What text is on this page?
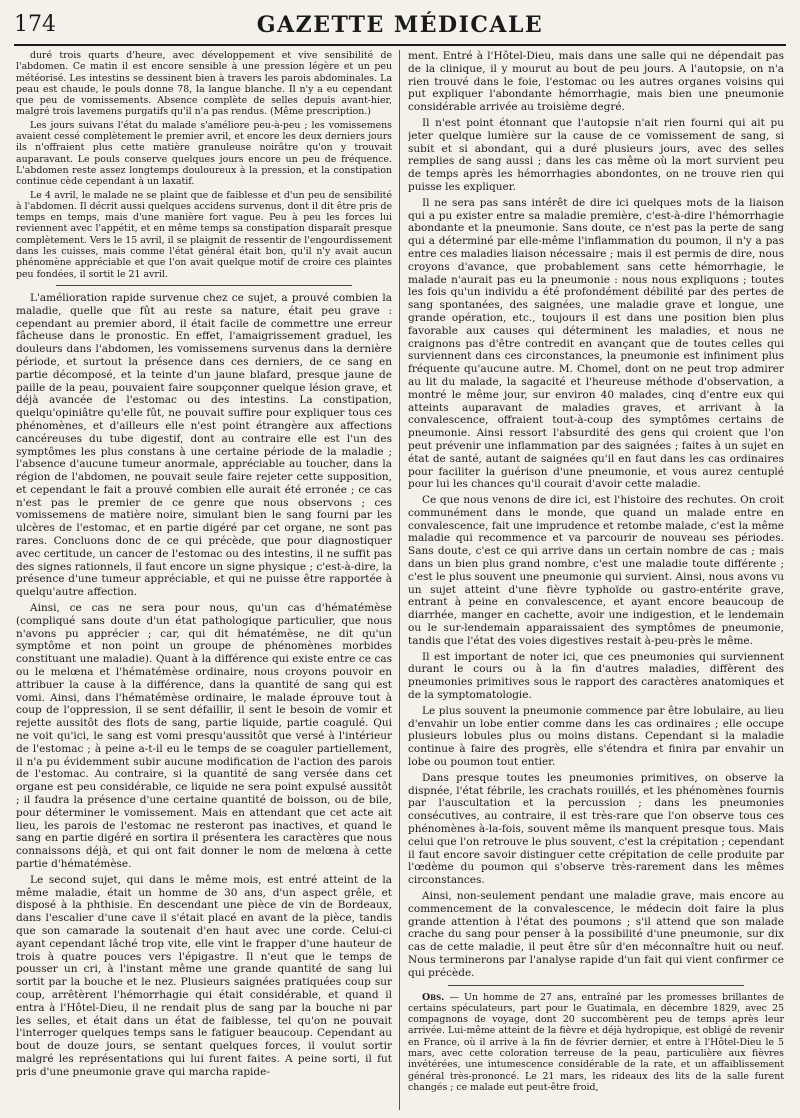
174	GAZETTE MÉDICALE

duré trois quarts d'heure, avec développement et vive sensibilité de l'abdomen. Ce matin il est encore sensible à une pression légère et un peu météorisé. Les intestins se dessinent bien à travers les parois abdominales. La peau est chaude, le pouls donne 78, la langue blanche. Il n'y a eu cependant que peu de vomissements. Absence complète de selles depuis avant-hier, malgré trois lavemens purgatifs qu'il n'a pas rendus. (Même prescription.)

Les jours suivans l'état du malade s'améliore peu-à-peu ; les vomissemens avaient cessé complètement le premier avril, et encore les deux derniers jours ils n'offraient plus cette matière granuleuse noirâtre qu'on y trouvait auparavant. Le pouls conserve quelques jours encore un peu de fréquence. L'abdomen reste assez longtemps douloureux à la pression, et la constipation continue cède cependant à un laxatif.

Le 4 avril, le malade ne se plaint que de faiblesse et d'un peu de sensibilité à l'abdomen. Il décrit aussi quelques accidens survenus, dont il dit être pris de temps en temps, mais d'une manière fort vague. Peu à peu les forces lui reviennent avec l'appétit, et en même temps sa constipation disparaît presque complètement. Vers le 15 avril, il se plaignit de ressentir de l'engourdissement dans les cuisses, mais comme l'état général était bon, qu'il n'y avait aucun phénomène appréciable et que l'on avait quelque motif de croire ces plaintes peu fondées, il sortit le 21 avril.

L'amélioration rapide survenue chez ce sujet, a prouvé combien la maladie, quelle que fût au reste sa nature, était peu grave : cependant au premier abord, il était facile de commettre une erreur fâcheuse dans le pronostic. En effet, l'amaigrissement graduel, les douleurs dans l'abdomen, les vomissemens survenus dans la dernière période, et surtout la présence dans ces derniers, de ce sang en partie décomposé, et la teinte d'un jaune blafard, presque jaune de paille de la peau, pouvaient faire soupçonner quelque lésion grave, et déjà avancée de l'estomac ou des intestins. La constipation, quelqu'opiniâtre qu'elle fût, ne pouvait suffire pour expliquer tous ces phénomènes, et d'ailleurs elle n'est point étrangère aux affections cancéreuses du tube digestif, dont au contraire elle est l'un des symptômes les plus constans à une certaine période de la maladie ; l'absence d'aucune tumeur anormale, appréciable au toucher, dans la région de l'abdomen, ne pouvait seule faire rejeter cette supposition, et cependant le fait a prouvé combien elle aurait été erronée ; ce cas n'est pas le premier de ce genre que nous observons ; ces vomissemens de matière noire, simulant bien le sang fourni par les ulcères de l'estomac, et en partie digéré par cet organe, ne sont pas rares. Concluons donc de ce qui précède, que pour diagnostiquer avec certitude, un cancer de l'estomac ou des intestins, il ne suffit pas des signes rationnels, il faut encore un signe physique ; c'est-à-dire, la présence d'une tumeur appréciable, et qui ne puisse être rapportée à quelqu'autre affection.

Ainsi, ce cas ne sera pour nous, qu'un cas d'hématémèse (compliqué sans doute d'un état pathologique particulier, que nous n'avons pu apprécier ; car, qui dit hématémèse, ne dit qu'un symptôme et non point un groupe de phénomènes morbides constituant une maladie). Quant à la différence qui existe entre ce cas ou le melœna et l'hématémèse ordinaire, nous croyons pouvoir en attribuer la cause à la différence, dans la quantité de sang qui est vomi. Ainsi, dans l'hématémèse ordinaire, le malade éprouve tout à coup de l'oppression, il se sent défaillir, il sent le besoin de vomir et rejette aussitôt des flots de sang, partie liquide, partie coagulé. Qui ne voit qu'ici, le sang est vomi presqu'aussitôt que versé à l'intérieur de l'estomac ; à peine a-t-il eu le temps de se coaguler partiellement, il n'a pu évidemment subir aucune modification de l'action des parois de l'estomac. Au contraire, si la quantité de sang versée dans cet organe est peu considérable, ce liquide ne sera point expulsé aussitôt ; il faudra la présence d'une certaine quantité de boisson, ou de bile, pour déterminer le vomissement. Mais en attendant que cet acte ait lieu, les parois de l'estomac ne resteront pas inactives, et quand le sang en partie digéré en sortira il présentera les caractères que nous connaissons déjà, et qui ont fait donner le nom de melœna à cette partie d'hématémèse.

Le second sujet, qui dans le même mois, est entré atteint de la même maladie, était un homme de 30 ans, d'un aspect grêle, et disposé à la phthisie. En descendant une pièce de vin de Bordeaux, dans l'escalier d'une cave il s'était placé en avant de la pièce, tandis que son camarade la soutenait d'en haut avec une corde. Celui-ci ayant cependant lâché trop vite, elle vint le frapper d'une hauteur de trois à quatre pouces vers l'épigastre. Il n'eut que le temps de pousser un cri, à l'instant même une grande quantité de sang lui sortit par la bouche et le nez. Plusieurs saignées pratiquées coup sur coup, arrêtèrent l'hémorrhagie qui était considérable, et quand il entra à l'Hôtel-Dieu, il ne rendait plus de sang par la bouche ni par les selles, et était dans un état de faiblesse, tel qu'on ne pouvait l'interroger quelques temps sans le fatiguer beaucoup. Cependant au bout de douze jours, se sentant quelques forces, il voulut sortir malgré les représentations qui lui furent faites. A peine sorti, il fut pris d'une pneumonie grave qui marcha rapide-

ment. Entré à l'Hôtel-Dieu, mais dans une salle qui ne dépendait pas de la clinique, il y mourut au bout de peu jours. A l'autopsie, on n'a rien trouvé dans le foie, l'estomac ou les autres organes voisins qui put expliquer l'abondante hémorrhagie, mais bien une pneumonie considérable arrivée au troisième degré.

Il n'est point étonnant que l'autopsie n'ait rien fourni qui ait pu jeter quelque lumière sur la cause de ce vomissement de sang, si subit et si abondant, qui a duré plusieurs jours, avec des selles remplies de sang aussi ; dans les cas même où la mort survient peu de temps après les hémorrhagies abondontes, on ne trouve rien qui puisse les expliquer.

Il ne sera pas sans intérêt de dire ici quelques mots de la liaison qui a pu exister entre sa maladie première, c'est-à-dire l'hémorrhagie abondante et la pneumonie. Sans doute, ce n'est pas la perte de sang qui a déterminé par elle-même l'inflammation du poumon, il n'y a pas entre ces maladies liaison nécessaire ; mais il est permis de dire, nous croyons d'avance, que probablement sans cette hémorrhagie, le malade n'aurait pas eu la pneumonie : nous nous expliquons ; toutes les fois qu'un individu a été profondément débilité par des pertes de sang spontanées, des saignées, une maladie grave et longue, une grande opération, etc., toujours il est dans une position bien plus favorable aux causes qui déterminent les maladies, et nous ne craignons pas d'être contredit en avançant que de toutes celles qui surviennent dans ces circonstances, la pneumonie est infiniment plus fréquente qu'aucune autre. M. Chomel, dont on ne peut trop admirer au lit du malade, la sagacité et l'heureuse méthode d'observation, a montré le même jour, sur environ 40 malades, cinq d'entre eux qui atteints auparavant de maladies graves, et arrivant à la convalescence, offraient tout-à-coup des symptômes certains de pneumonie. Ainsi ressort l'absurdité des gens qui croient que l'on peut prévenir une inflammation par des saignées ; faites à un sujet en état de santé, autant de saignées qu'il en faut dans les cas ordinaires pour faciliter la guérison d'une pneumonie, et vous aurez centuplé pour lui les chances qu'il courait d'avoir cette maladie.

Ce que nous venons de dire ici, est l'histoire des rechutes. On croit communément dans le monde, que quand un malade entre en convalescence, fait une imprudence et retombe malade, c'est la même maladie qui recommence et va parcourir de nouveau ses périodes. Sans doute, c'est ce qui arrive dans un certain nombre de cas ; mais dans un bien plus grand nombre, c'est une maladie toute différente ; c'est le plus souvent une pneumonie qui survient. Ainsi, nous avons vu un sujet atteint d'une fièvre typhoïde ou gastro-entérite grave, entrant à peine en convalescence, et ayant encore beaucoup de diarrhée, manger en cachette, avoir une indigestion, et le lendemain ou le sur-lendemain apparaissaient des symptômes de pneumonie, tandis que l'état des voies digestives restait à-peu-près le même.

Il est important de noter ici, que ces pneumonies qui surviennent durant le cours ou à la fin d'autres maladies, diffèrent des pneumonies primitives sous le rapport des caractères anatomiques et de la symptomatologie.

Le plus souvent la pneumonie commence par être lobulaire, au lieu d'envahir un lobe entier comme dans les cas ordinaires ; elle occupe plusieurs lobules plus ou moins distans. Cependant si la maladie continue à faire des progrès, elle s'étendra et finira par envahir un lobe ou poumon tout entier.

Dans presque toutes les pneumonies primitives, on observe la dispnée, l'état fébrile, les crachats rouillés, et les phénomènes fournis par l'auscultation et la percussion ; dans les pneumonies consécutives, au contraire, il est très-rare que l'on observe tous ces phénomènes à-la-fois, souvent même ils manquent presque tous. Mais celui que l'on retrouve le plus souvent, c'est la crépitation ; cependant il faut encore savoir distinguer cette crépitation de celle produite par l'œdème du poumon qui s'observe très-rarement dans les mêmes circonstances.

Ainsi, non-seulement pendant une maladie grave, mais encore au commencement de la convalescence, le médecin doit faire la plus grande attention à l'état des poumons ; s'il attend que son malade crache du sang pour penser à la possibilité d'une pneumonie, sur dix cas de cette maladie, il peut être sûr d'en méconnaître huit ou neuf. Nous terminerons par l'analyse rapide d'un fait qui vient confirmer ce qui précède.

Obs. — Un homme de 27 ans, entraîné par les promesses brillantes de certains spéculateurs, part pour le Guatimala, en décembre 1829, avec 25 compagnons de voyage, dont 20 succombèrent peu de temps après leur arrivée. Lui-même atteint de la fièvre et déjà hydropique, est obligé de revenir en France, où il arrive à la fin de février dernier, et entre à l'Hôtel-Dieu le 5 mars, avec cette coloration terreuse de la peau, particulière aux fièvres invétérées, une intumescence considérable de la rate, et un affaiblissement général très-prononcé. Le 21 mars, les rideaux des lits de la salle furent changés ; ce malade eut peut-être froid,
